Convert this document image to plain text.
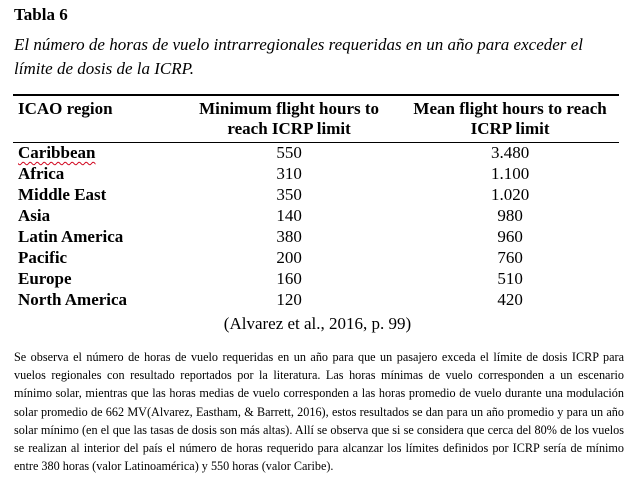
Tabla 6

El número de horas de vuelo intrarregionales requeridas en un año para exceder el límite de dosis de la ICRP.

ICAO region	Minimum flight hours to reach ICRP limit	Mean flight hours to reach ICRP limit
Caribbean	550	3.480
Africa	310	1.100
Middle East	350	1.020
Asia	140	980
Latin America	380	960
Pacific	200	760
Europe	160	510
North America	120	420
(Alvarez et al., 2016, p. 99)

Se observa el número de horas de vuelo requeridas en un año para que un pasajero exceda el límite de dosis ICRP para vuelos regionales con resultado reportados por la literatura. Las horas mínimas de vuelo corresponden a un escenario mínimo solar, mientras que las horas medias de vuelo corresponden a las horas promedio de vuelo durante una modulación solar promedio de 662 MV(Alvarez, Eastham, & Barrett, 2016), estos resultados se dan para un año promedio y para un año solar mínimo (en el que las tasas de dosis son más altas). Allí se observa que si se considera que cerca del 80% de los vuelos se realizan al interior del país el número de horas requerido para alcanzar los límites definidos por ICRP sería de mínimo entre 380 horas (valor Latinoamérica) y 550 horas (valor Caribe).
